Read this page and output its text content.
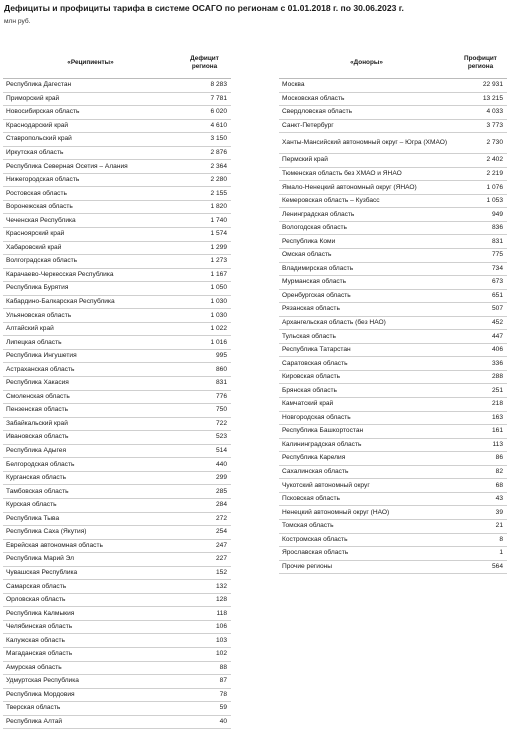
Дефициты и профициты тарифа в системе ОСАГО по регионам с 01.01.2018 г. по 30.06.2023 г.
млн руб.
«Реципиенты»	Дефицит региона
Республика Дагестан	8 283
Приморский край	7 781
Новосибирская область	6 020
Краснодарский край	4 610
Ставропольский край	3 150
Иркутская область	2 876
Республика Северная Осетия – Алания	2 364
Нижегородская область	2 280
Ростовская область	2 155
Воронежская область	1 820
Чеченская Республика	1 740
Красноярский край	1 574
Хабаровский край	1 299
Волгоградская область	1 273
Карачаево-Черкесская Республика	1 167
Республика Бурятия	1 050
Кабардино-Балкарская Республика	1 030
Ульяновская область	1 030
Алтайский край	1 022
Липецкая область	1 016
Республика Ингушетия	995
Астраханская область	860
Республика Хакасия	831
Смоленская область	776
Пензенская область	750
Забайкальский край	722
Ивановская область	523
Республика Адыгея	514
Белгородская область	440
Курганская область	299
Тамбовская область	285
Курская область	284
Республика Тыва	272
Республика Саха (Якутия)	254
Еврейская автономная область	247
Республика Марий Эл	227
Чувашская Республика	152
Самарская область	132
Орловская область	128
Республика Калмыкия	118
Челябинская область	106
Калужская область	103
Магаданская область	102
Амурская область	88
Удмуртская Республика	87
Республика Мордовия	78
Тверская область	59
Республика Алтай	40
«Доноры»	Профицит региона
Москва	22 931
Московская область	13 215
Свердловская область	4 033
Санкт-Петербург	3 773
Ханты-Мансийский автономный округ – Югра (ХМАО)	2 730
Пермский край	2 402
Тюменская область без ХМАО и ЯНАО	2 219
Ямало-Ненецкий автономный округ (ЯНАО)	1 076
Кемеровская область – Кузбасс	1 053
Ленинградская область	949
Вологодская область	836
Республика Коми	831
Омская область	775
Владимирская область	734
Мурманская область	673
Оренбургская область	651
Рязанская область	507
Архангельская область (без НАО)	452
Тульская область	447
Республика Татарстан	406
Саратовская область	336
Кировская область	288
Брянская область	251
Камчатский край	218
Новгородская область	163
Республика Башкортостан	161
Калининградская область	113
Республика Карелия	86
Сахалинская область	82
Чукотский автономный округ	68
Псковская область	43
Ненецкий автономный округ (НАО)	39
Томская область	21
Костромская область	8
Ярославская область	1
Прочие регионы	564
